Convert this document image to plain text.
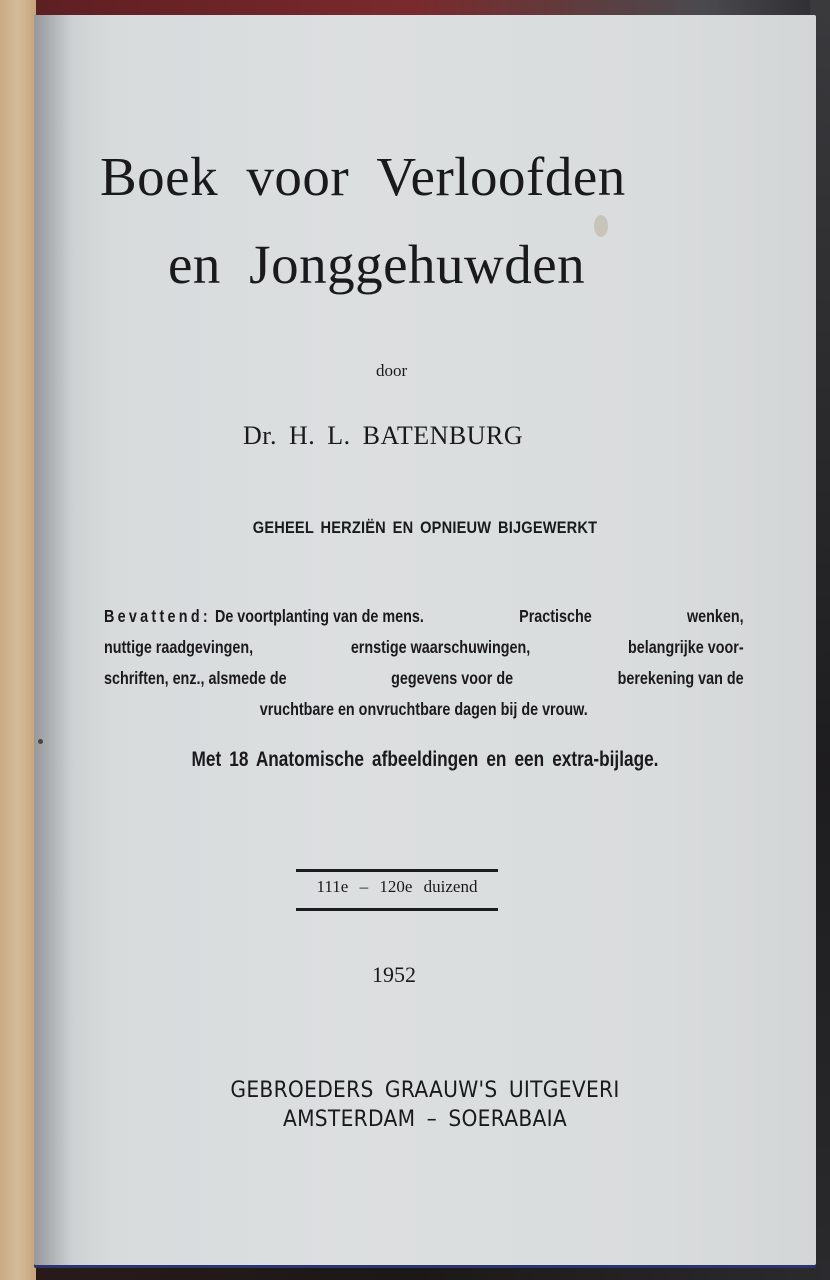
Boek voor Verloofden
en Jonggehuwden
door
Dr. H. L. BATENBURG
GEHEEL HERZIËN EN OPNIEUW BIJGEWERKT
Bevattend: De voortplanting van de mens.	Practische	wenken,
nuttige raadgevingen,	ernstige waarschuwingen,	belangrijke voor-
schriften, enz., alsmede de	gegevens voor de	berekening van de
vruchtbare en onvruchtbare dagen bij de vrouw.
Met 18 Anatomische afbeeldingen en een extra-bijlage.
111e – 120e duizend
1952
GEBROEDERS GRAAUW'S UITGEVERI
AMSTERDAM – SOERABAIA
